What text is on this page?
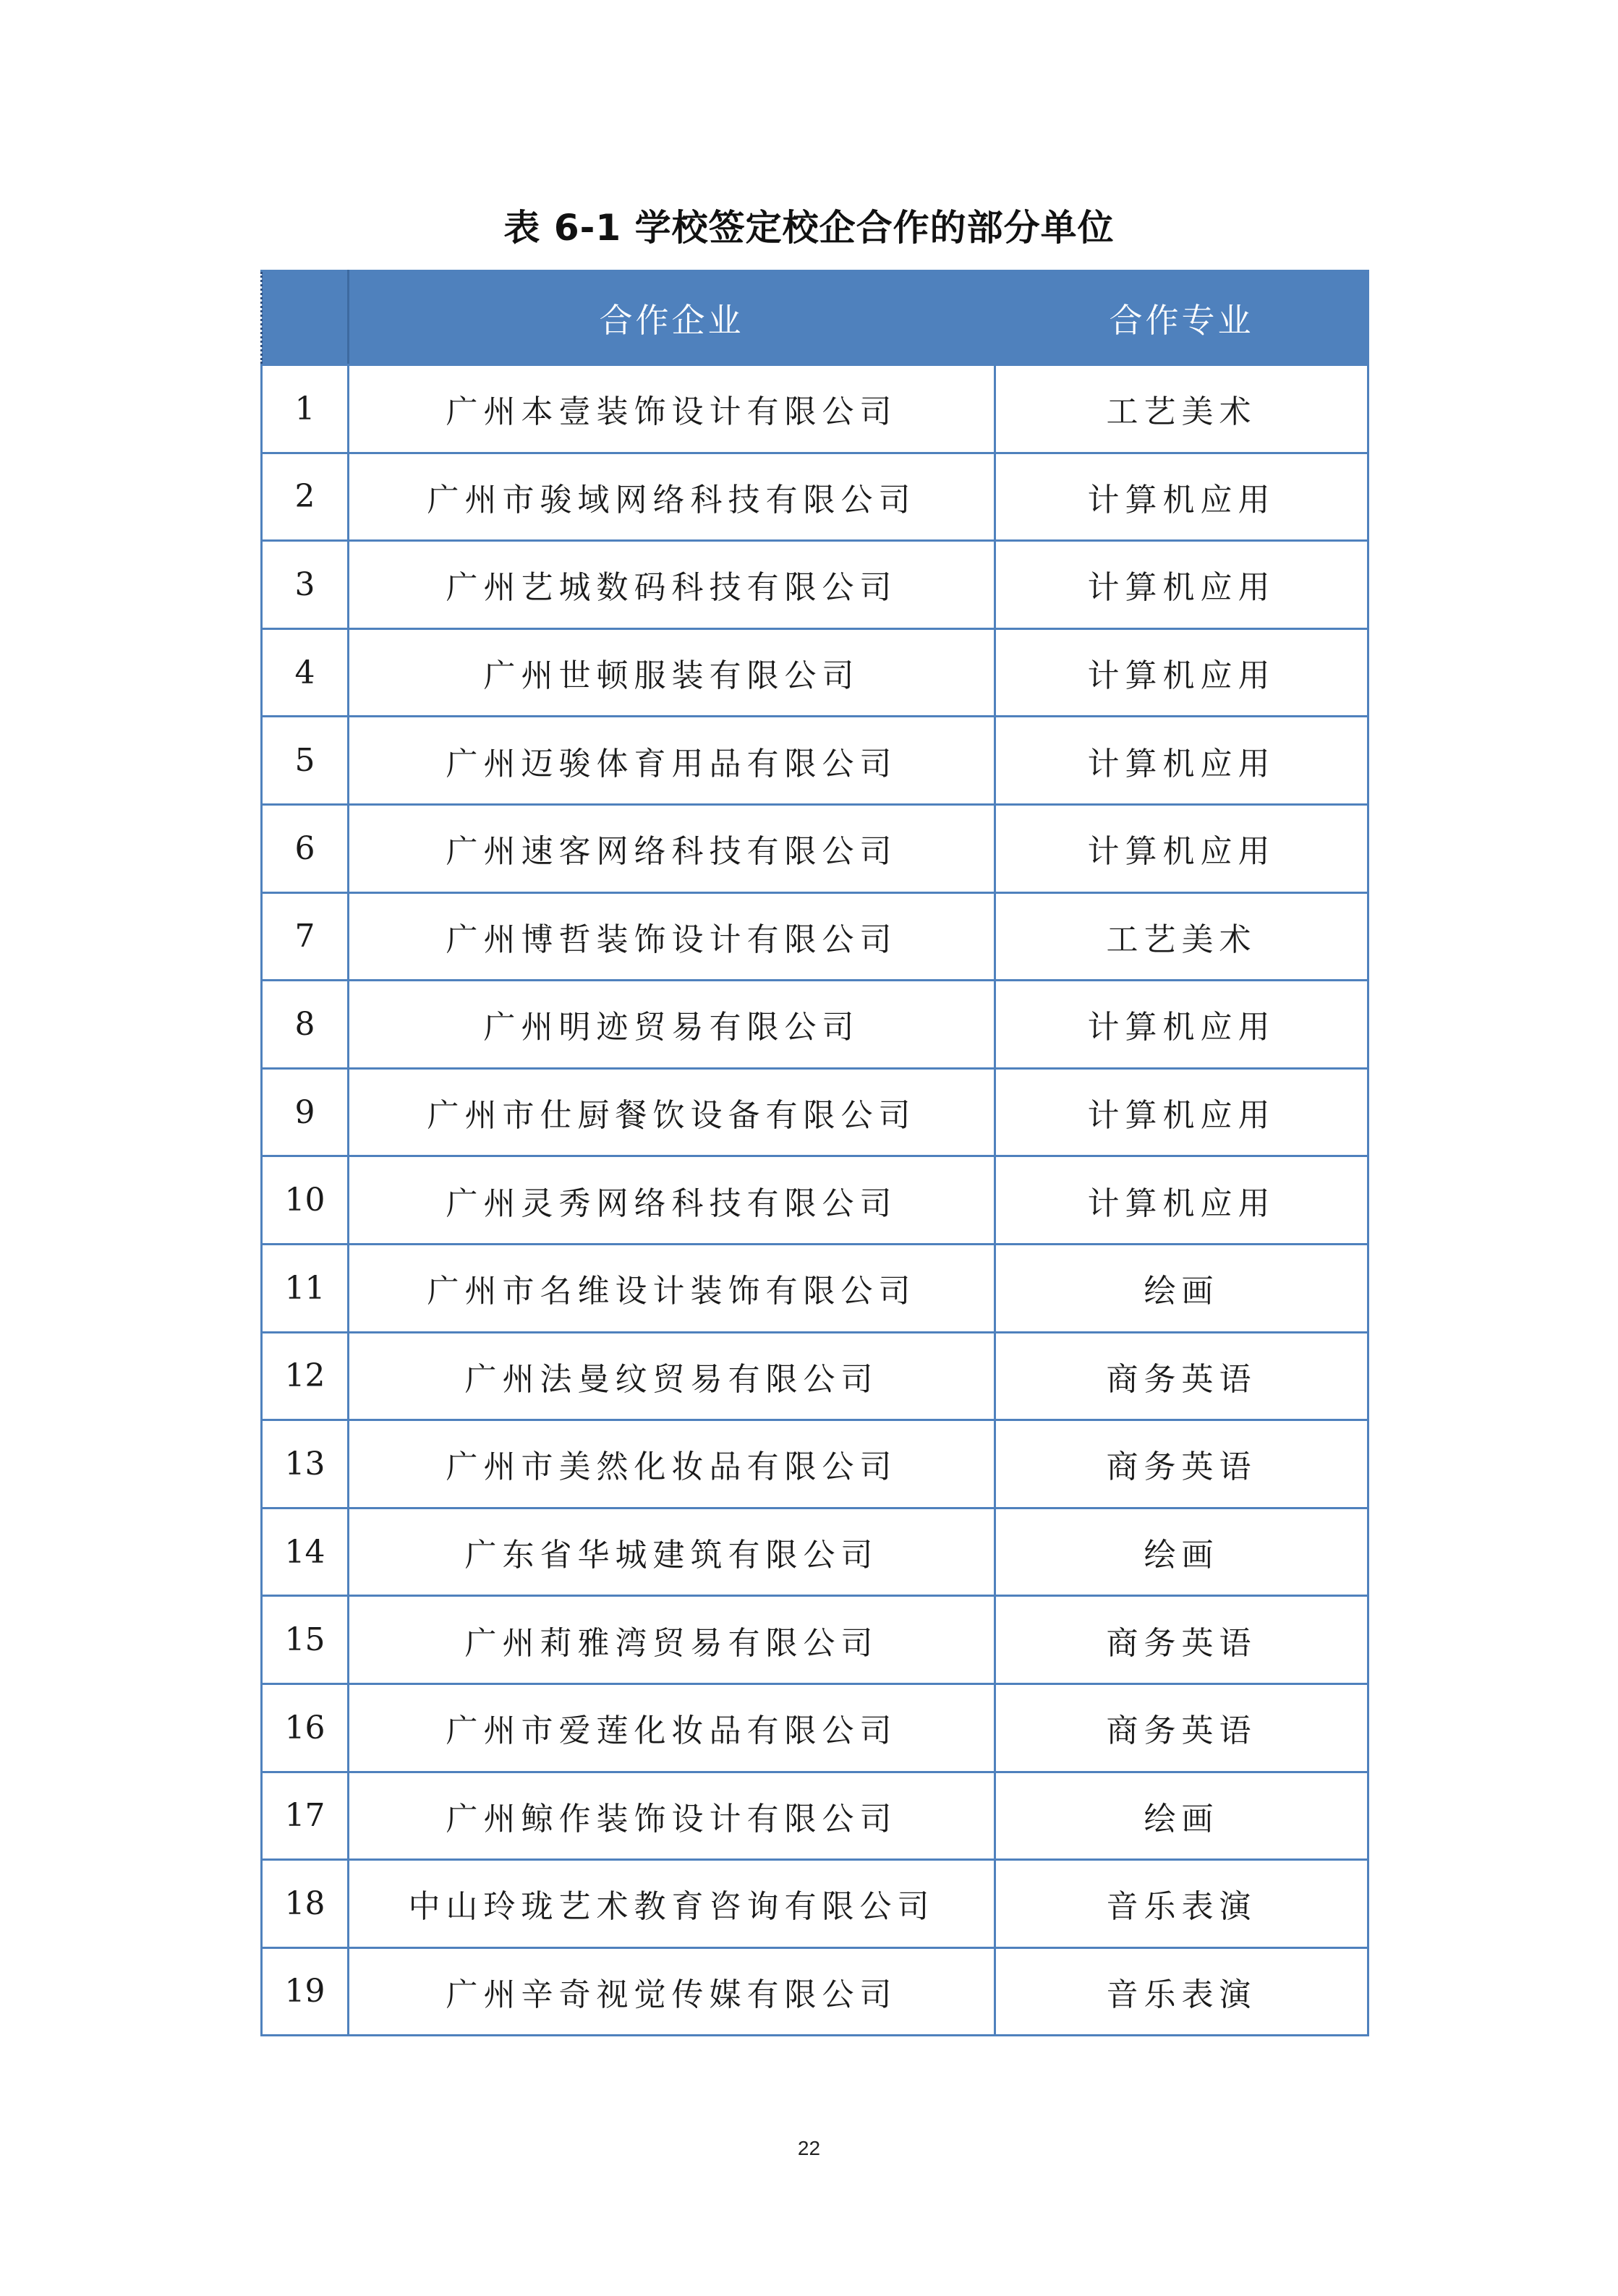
表 6-1 学校签定校企合作的部分单位
	合作企业	合作专业
1	广州本壹装饰设计有限公司	工艺美术
2	广州市骏域网络科技有限公司	计算机应用
3	广州艺城数码科技有限公司	计算机应用
4	广州世顿服装有限公司	计算机应用
5	广州迈骏体育用品有限公司	计算机应用
6	广州速客网络科技有限公司	计算机应用
7	广州博哲装饰设计有限公司	工艺美术
8	广州明迹贸易有限公司	计算机应用
9	广州市仕厨餐饮设备有限公司	计算机应用
10	广州灵秀网络科技有限公司	计算机应用
11	广州市名维设计装饰有限公司	绘画
12	广州法曼纹贸易有限公司	商务英语
13	广州市美然化妆品有限公司	商务英语
14	广东省华城建筑有限公司	绘画
15	广州莉雅湾贸易有限公司	商务英语
16	广州市爱莲化妆品有限公司	商务英语
17	广州鲸作装饰设计有限公司	绘画
18	中山玲珑艺术教育咨询有限公司	音乐表演
19	广州辛奇视觉传媒有限公司	音乐表演
22
